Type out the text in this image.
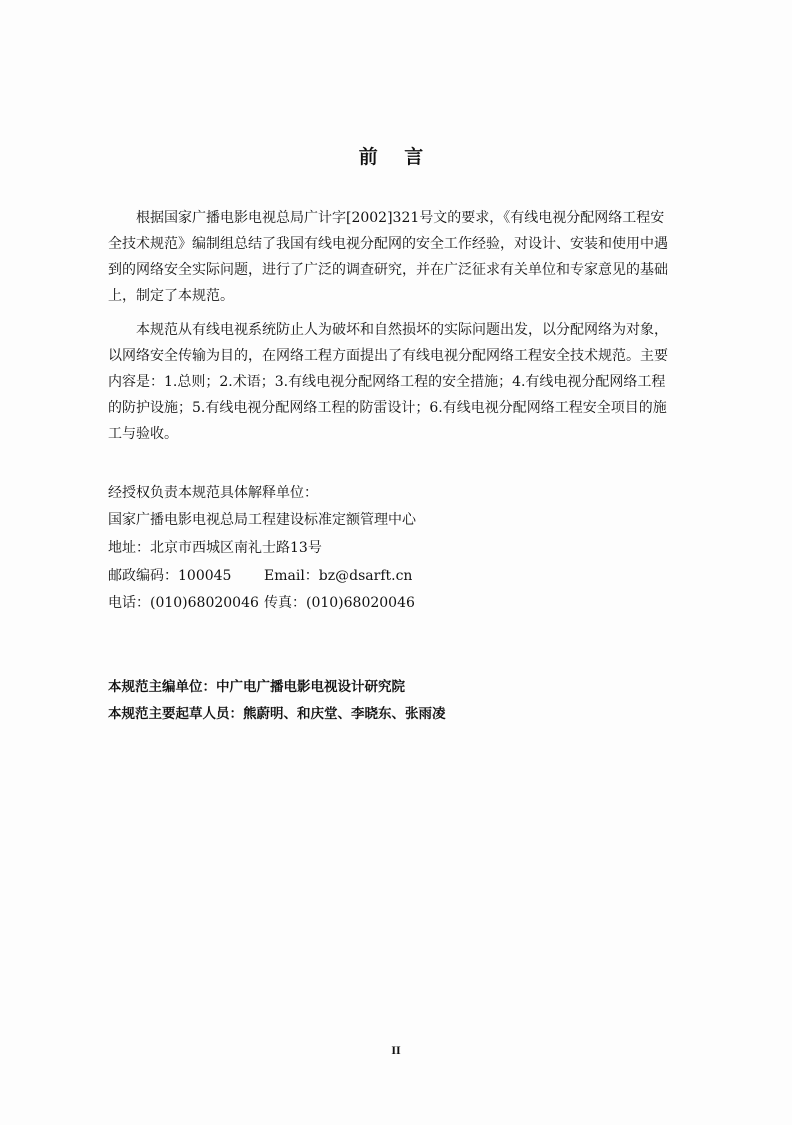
前 言

根据国家广播电影电视总局广计字[2002]321号文的要求，《有线电视分配网络工程安全技术规范》编制组总结了我国有线电视分配网的安全工作经验，对设计、安装和使用中遇到的网络安全实际问题，进行了广泛的调查研究，并在广泛征求有关单位和专家意见的基础上，制定了本规范。

本规范从有线电视系统防止人为破坏和自然损坏的实际问题出发，以分配网络为对象，以网络安全传输为目的，在网络工程方面提出了有线电视分配网络工程安全技术规范。主要内容是：1.总则；2.术语；3.有线电视分配网络工程的安全措施；4.有线电视分配网络工程的防护设施；5.有线电视分配网络工程的防雷设计；6.有线电视分配网络工程安全项目的施工与验收。

经授权负责本规范具体解释单位：
国家广播电影电视总局工程建设标准定额管理中心
地址：北京市西城区南礼士路13号
邮政编码：100045 Email：bz@dsarft.cn
电话：(010)68020046 传真：(010)68020046
本规范主编单位：中广电广播电影电视设计研究院
本规范主要起草人员：熊蔚明、和庆堂、李晓东、张雨凌
II
